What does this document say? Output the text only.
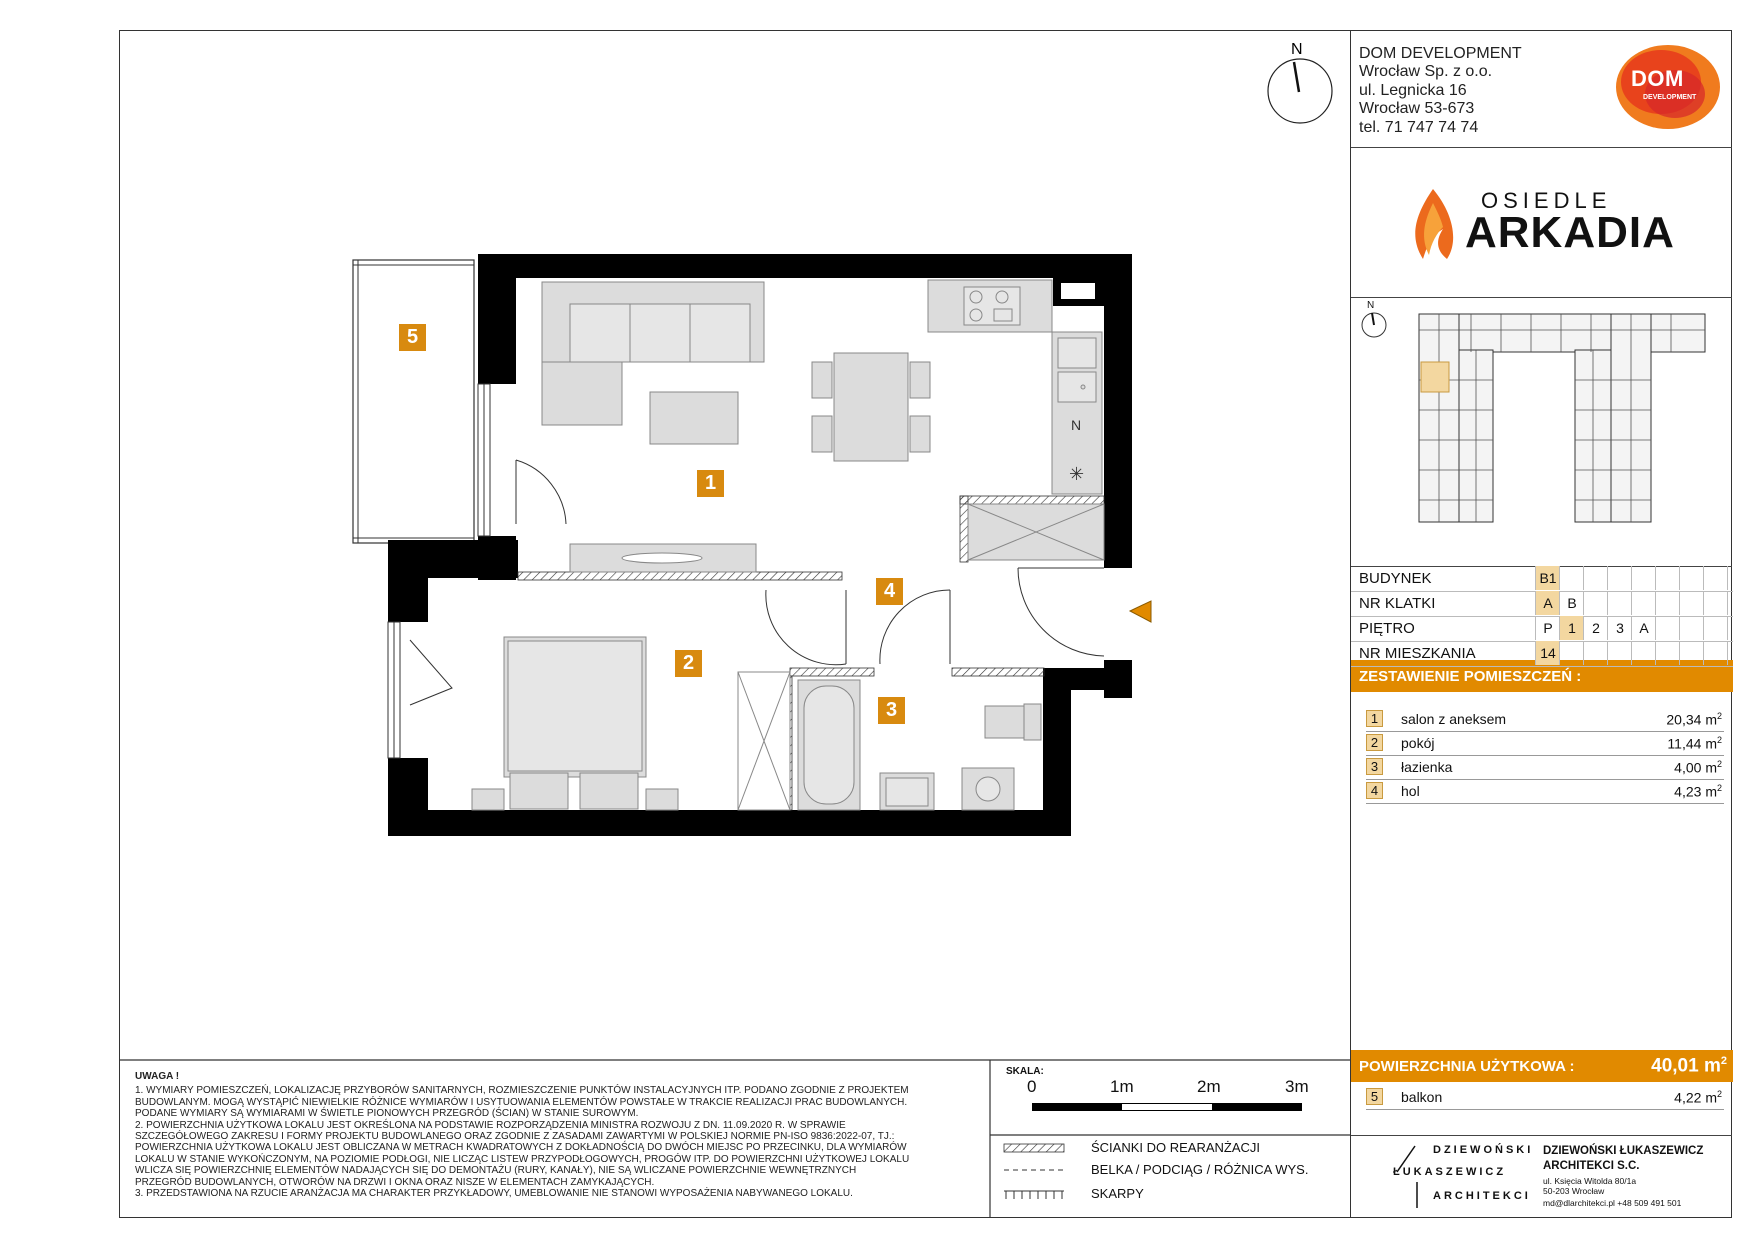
N
N
✳
5
1
2
3
4
DOM DEVELOPMENT
Wrocław Sp. z o.o.
ul. Legnicka 16
Wrocław 53-673
tel. 71 747 74 74
DOM
DEVELOPMENT
OSIEDLE
ARKADIA
N
ZESTAWIENIE POMIESZCZEŃ :
1	salon z aneksem	20,34 $m^2$
2	pokój	11,44 $m^2$
3	łazienka	4,00 $m^2$
4	hol	4,23 $m^2$
POWIERZCHNIA UŻYTKOWA :	40,01 $m^2$
5	balkon	4,22 $m^2$
DZIEWOŃSKI
ŁUKASZEWICZ
ARCHITEKCI
DZIEWOŃSKI ŁUKASZEWICZ
ARCHITEKCI S.C.
ul. Księcia Witolda 80/1a
50-203 Wrocław
md@dlarchitekci.pl +48 509 491 501
BUDYNEK	B1
NR KLATKI	A	B
PIĘTRO	P	1	2	3	A
NR MIESZKANIA	14
UWAGA !
1. WYMIARY POMIESZCZEŃ, LOKALIZACJĘ PRZYBORÓW SANITARNYCH, ROZMIESZCZENIE PUNKTÓW INSTALACYJNYCH ITP. PODANO ZGODNIE Z PROJEKTEM
BUDOWLANYM. MOGĄ WYSTĄPIĆ NIEWIELKIE RÓŻNICE WYMIARÓW I USYTUOWANIA ELEMENTÓW POWSTAŁE W TRAKCIE REALIZACJI PRAC BUDOWLANYCH.
PODANE WYMIARY SĄ WYMIARAMI W ŚWIETLE PIONOWYCH PRZEGRÓD (ŚCIAN) W STANIE SUROWYM.
2. POWIERZCHNIA UŻYTKOWA LOKALU JEST OKREŚLONA NA PODSTAWIE ROZPORZĄDZENIA MINISTRA ROZWOJU Z DN. 11.09.2020 R. W SPRAWIE
SZCZEGÓŁOWEGO ZAKRESU I FORMY PROJEKTU BUDOWLANEGO ORAZ ZGODNIE Z ZASADAMI ZAWARTYMI W POLSKIEJ NORMIE PN-ISO 9836:2022-07, TJ.:
POWIERZCHNIA UŻYTKOWA LOKALU JEST OBLICZANA W METRACH KWADRATOWYCH Z DOKŁADNOŚCIĄ DO DWÓCH MIEJSC PO PRZECINKU, DLA WYMIARÓW
LOKALU W STANIE WYKOŃCZONYM, NA POZIOMIE PODŁOGI, NIE LICZĄC LISTEW PRZYPODŁOGOWYCH, PROGÓW ITP. DO POWIERZCHNI UŻYTKOWEJ LOKALU
WLICZA SIĘ POWIERZCHNIĘ ELEMENTÓW NADAJĄCYCH SIĘ DO DEMONTAŻU (RURY, KANAŁY), NIE SĄ WLICZANE POWIERZCHNIE WEWNĘTRZNYCH
PRZEGRÓD BUDOWLANYCH, OTWORÓW NA DRZWI I OKNA ORAZ NISZE W ELEMENTACH ZAMYKAJĄCYCH.
3. PRZEDSTAWIONA NA RZUCIE ARANŻACJA MA CHARAKTER PRZYKŁADOWY, UMEBLOWANIE NIE STANOWI WYPOSAŻENIA NABYWANEGO LOKALU.
SKALA:
0	1m	2m	3m
ŚCIANKI DO REARANŻACJI
BELKA / PODCIĄG / RÓŻNICA WYS.
SKARPY
